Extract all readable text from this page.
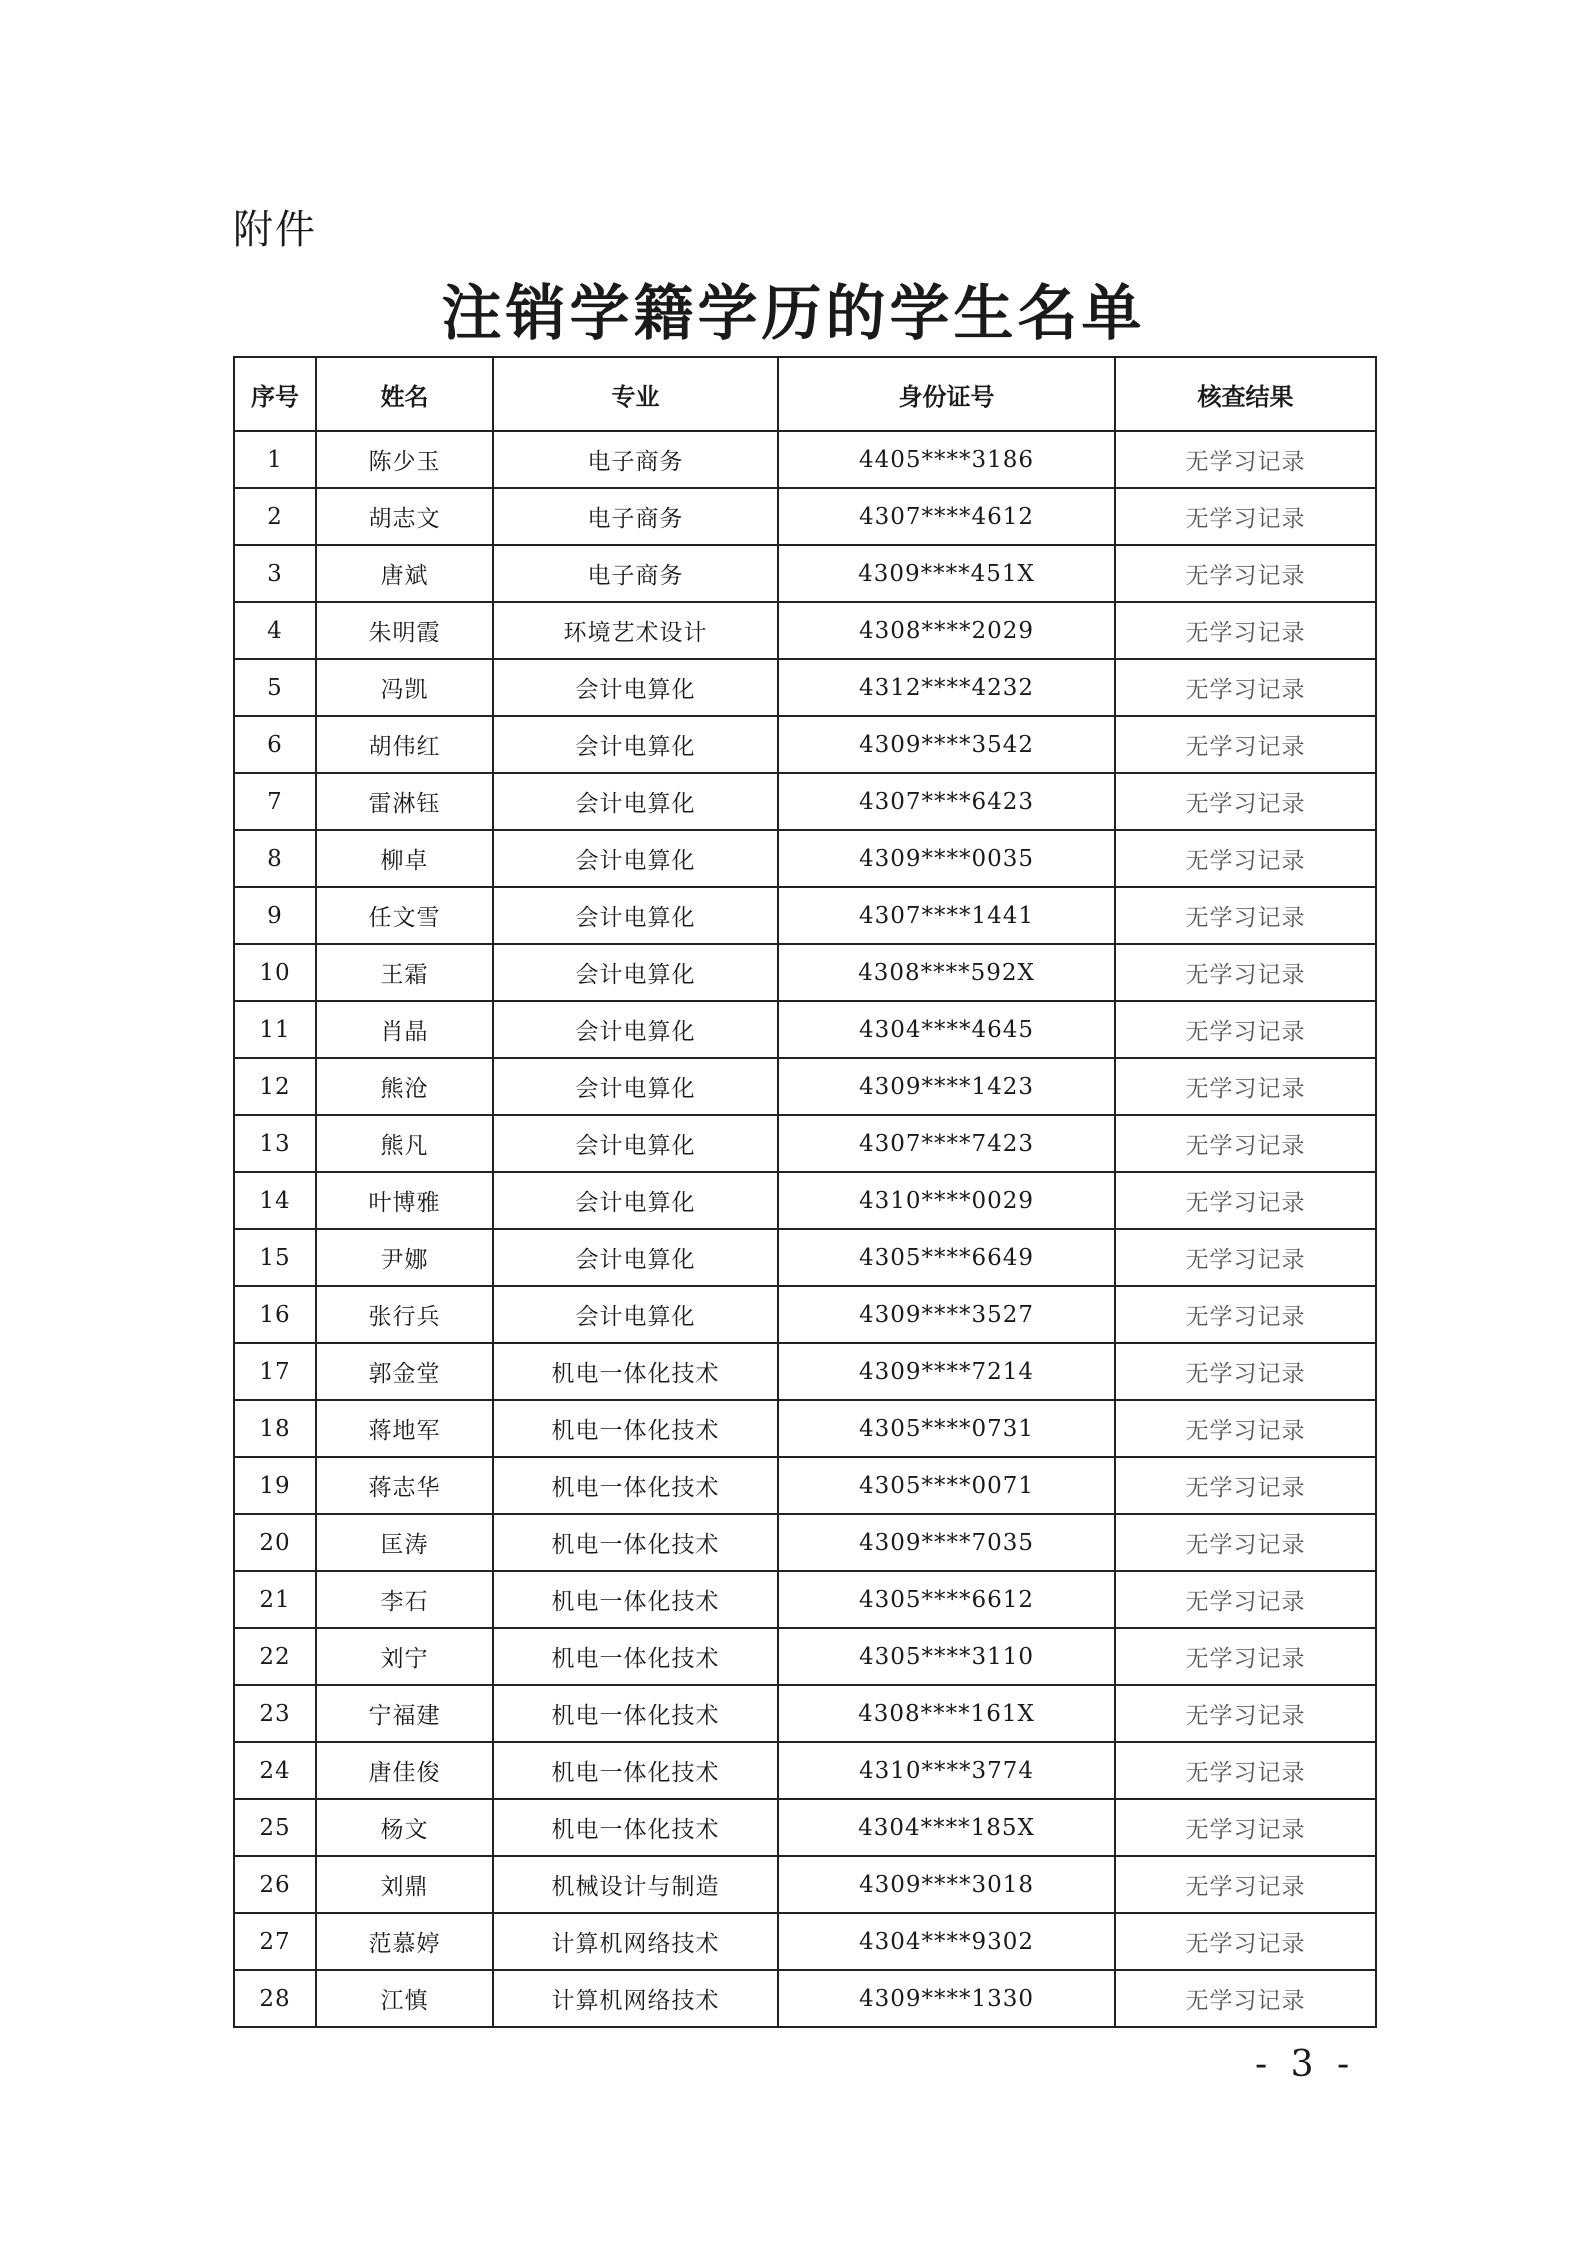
附件
注销学籍学历的学生名单
序号	姓名	专业	身份证号	核查结果
1	陈少玉	电子商务	4405****3186	无学习记录
2	胡志文	电子商务	4307****4612	无学习记录
3	唐斌	电子商务	4309****451X	无学习记录
4	朱明霞	环境艺术设计	4308****2029	无学习记录
5	冯凯	会计电算化	4312****4232	无学习记录
6	胡伟红	会计电算化	4309****3542	无学习记录
7	雷淋钰	会计电算化	4307****6423	无学习记录
8	柳卓	会计电算化	4309****0035	无学习记录
9	任文雪	会计电算化	4307****1441	无学习记录
10	王霜	会计电算化	4308****592X	无学习记录
11	肖晶	会计电算化	4304****4645	无学习记录
12	熊沧	会计电算化	4309****1423	无学习记录
13	熊凡	会计电算化	4307****7423	无学习记录
14	叶博雅	会计电算化	4310****0029	无学习记录
15	尹娜	会计电算化	4305****6649	无学习记录
16	张行兵	会计电算化	4309****3527	无学习记录
17	郭金堂	机电一体化技术	4309****7214	无学习记录
18	蒋地军	机电一体化技术	4305****0731	无学习记录
19	蒋志华	机电一体化技术	4305****0071	无学习记录
20	匡涛	机电一体化技术	4309****7035	无学习记录
21	李石	机电一体化技术	4305****6612	无学习记录
22	刘宁	机电一体化技术	4305****3110	无学习记录
23	宁福建	机电一体化技术	4308****161X	无学习记录
24	唐佳俊	机电一体化技术	4310****3774	无学习记录
25	杨文	机电一体化技术	4304****185X	无学习记录
26	刘鼎	机械设计与制造	4309****3018	无学习记录
27	范慕婷	计算机网络技术	4304****9302	无学习记录
28	江慎	计算机网络技术	4309****1330	无学习记录
- 3 -
